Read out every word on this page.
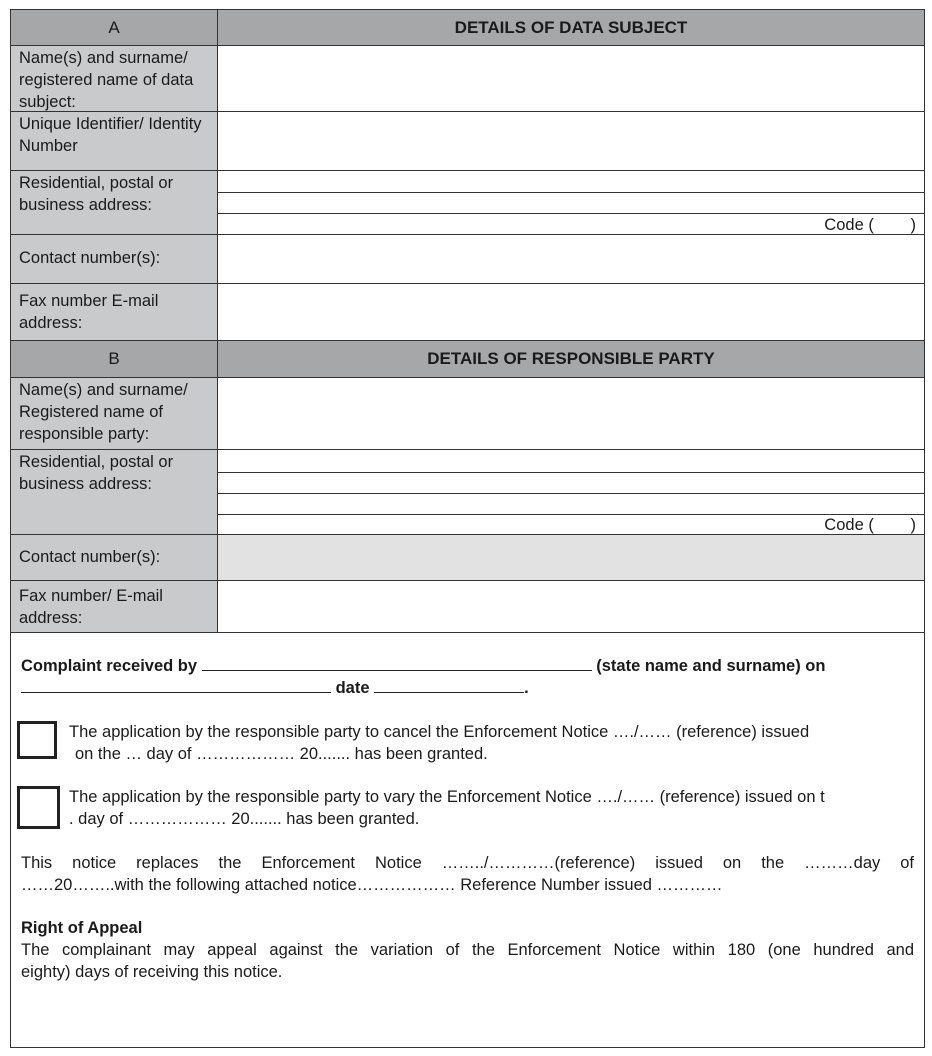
A	DETAILS OF DATA SUBJECT
Name(s) and surname/ registered name of data subject:
Unique Identifier/ Identity Number
Residential, postal or business address:
Code (        )
Contact number(s):
Fax number E-mail address:
B	DETAILS OF RESPONSIBLE PARTY
Name(s) and surname/ Registered name of responsible party:
Residential, postal or business address:
Code (        )
Contact number(s):
Fax number/ E-mail address:
Complaint received by	(state name and surname) on
date	.
The application by the responsible party to cancel the Enforcement Notice …./…… (reference) issued
on the … day of ……………… 20....... has been granted.
The application by the responsible party to vary the Enforcement Notice …./…… (reference) issued on t
. day of ……………… 20....... has been granted.
This notice replaces the Enforcement Notice ……../…………(reference) issued on the ………day of
……20……..with the following attached notice……………… Reference Number issued …………
Right of Appeal
The complainant may appeal against the variation of the Enforcement Notice within 180 (one hundred and
eighty) days of receiving this notice.
